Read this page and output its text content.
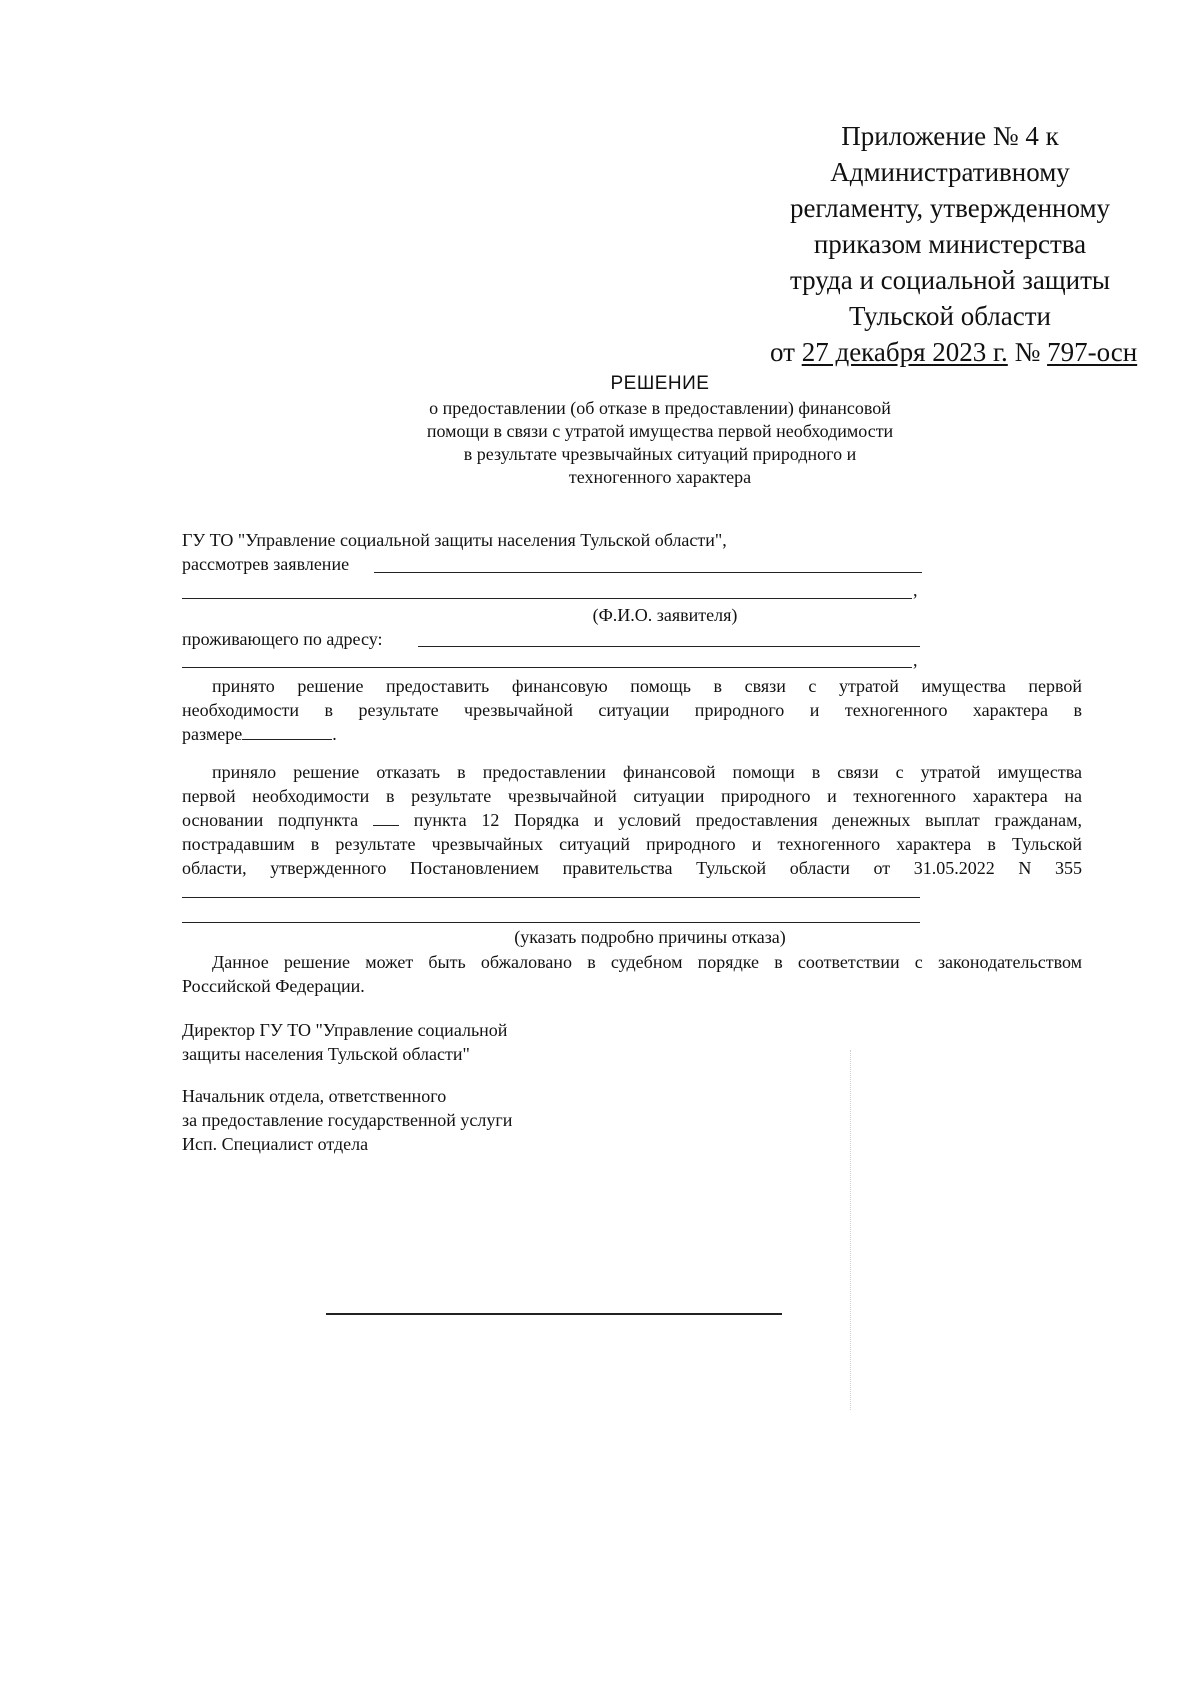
Приложение № 4 к
Административному
регламенту, утвержденному
приказом министерства
труда и социальной защиты
Тульской области
от 27 декабря 2023 г. № 797-осн
РЕШЕНИЕ
о предоставлении (об отказе в предоставлении) финансовой
помощи в связи с утратой имущества первой необходимости
в результате чрезвычайных ситуаций природного и
техногенного характера
ГУ ТО "Управление социальной защиты населения Тульской области",
рассмотрев заявление
,
(Ф.И.О. заявителя)
проживающего по адресу:
,
принято решение предоставить финансовую помощь в связи с утратой имущества первой
необходимости в результате чрезвычайной ситуации природного и техногенного характера в
размере	.
приняло решение отказать в предоставлении финансовой помощи в связи с утратой имущества
первой необходимости в результате чрезвычайной ситуации природного и техногенного характера на
основании подпункта	пункта 12 Порядка и условий предоставления денежных выплат гражданам,
пострадавшим в результате чрезвычайных ситуаций природного и техногенного характера в Тульской
области, утвержденного Постановлением правительства Тульской области от 31.05.2022 N 355
(указать подробно причины отказа)
Данное решение может быть обжаловано в судебном порядке в соответствии с законодательством
Российской Федерации.
Директор ГУ ТО "Управление социальной
защиты населения Тульской области"
Начальник отдела, ответственного
за предоставление государственной услуги
Исп. Специалист отдела
